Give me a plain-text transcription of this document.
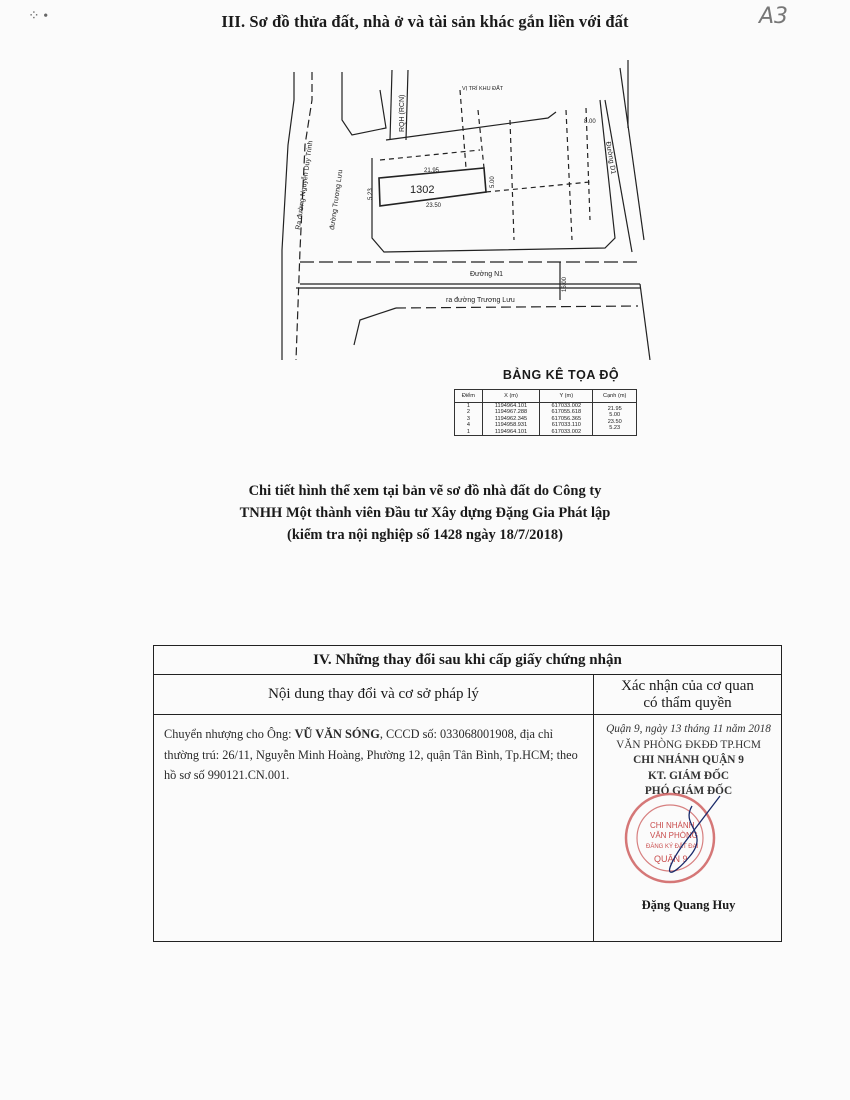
⁘ •	A3
III. Sơ đồ thửa đất, nhà ở và tài sản khác gắn liền với đất
Ra đường Nguyễn Duy Trinh đường Trương Lưu
RQH (RCN)
VỊ TRÍ KHU ĐẤT
1302
21.95
23.50
5.23
5.00
8.00
Đường D1
Đường N1
16.00
ra đường Trương Lưu
BẢNG KÊ TỌA ĐỘ
Điểm	X (m)	Y (m)	Cạnh (m)
1	1194964.101	617033.002	21.95
2	1194967.288	617055.618	5.00
3	1194962.345	617056.365	23.50
4	1194958.931	617033.110	5.23
1	1194964.101	617033.002	
Chi tiết hình thể xem tại bản vẽ sơ đồ nhà đất do Công ty
TNHH Một thành viên Đầu tư Xây dựng Đặng Gia Phát lập
(kiểm tra nội nghiệp số 1428 ngày 18/7/2018)
IV. Những thay đổi sau khi cấp giấy chứng nhận
Nội dung thay đổi và cơ sở pháp lý	Xác nhận của cơ quan
có thẩm quyền
Chuyển nhượng cho Ông: VŨ VĂN SÓNG, CCCD số: 033068001908, địa chỉ thường trú: 26/11, Nguyễn Minh Hoàng, Phường 12, quận Tân Bình, Tp.HCM; theo hồ sơ số 990121.CN.001.
Quận 9, ngày 13 tháng 11 năm 2018
VĂN PHÒNG ĐKĐĐ TP.HCM
CHI NHÁNH QUẬN 9
KT. GIÁM ĐỐC
PHÓ GIÁM ĐỐC
CHI NHÁNH
VĂN PHÒNG
ĐĂNG KÝ ĐẤT ĐAI
QUẬN 9
Đặng Quang Huy
